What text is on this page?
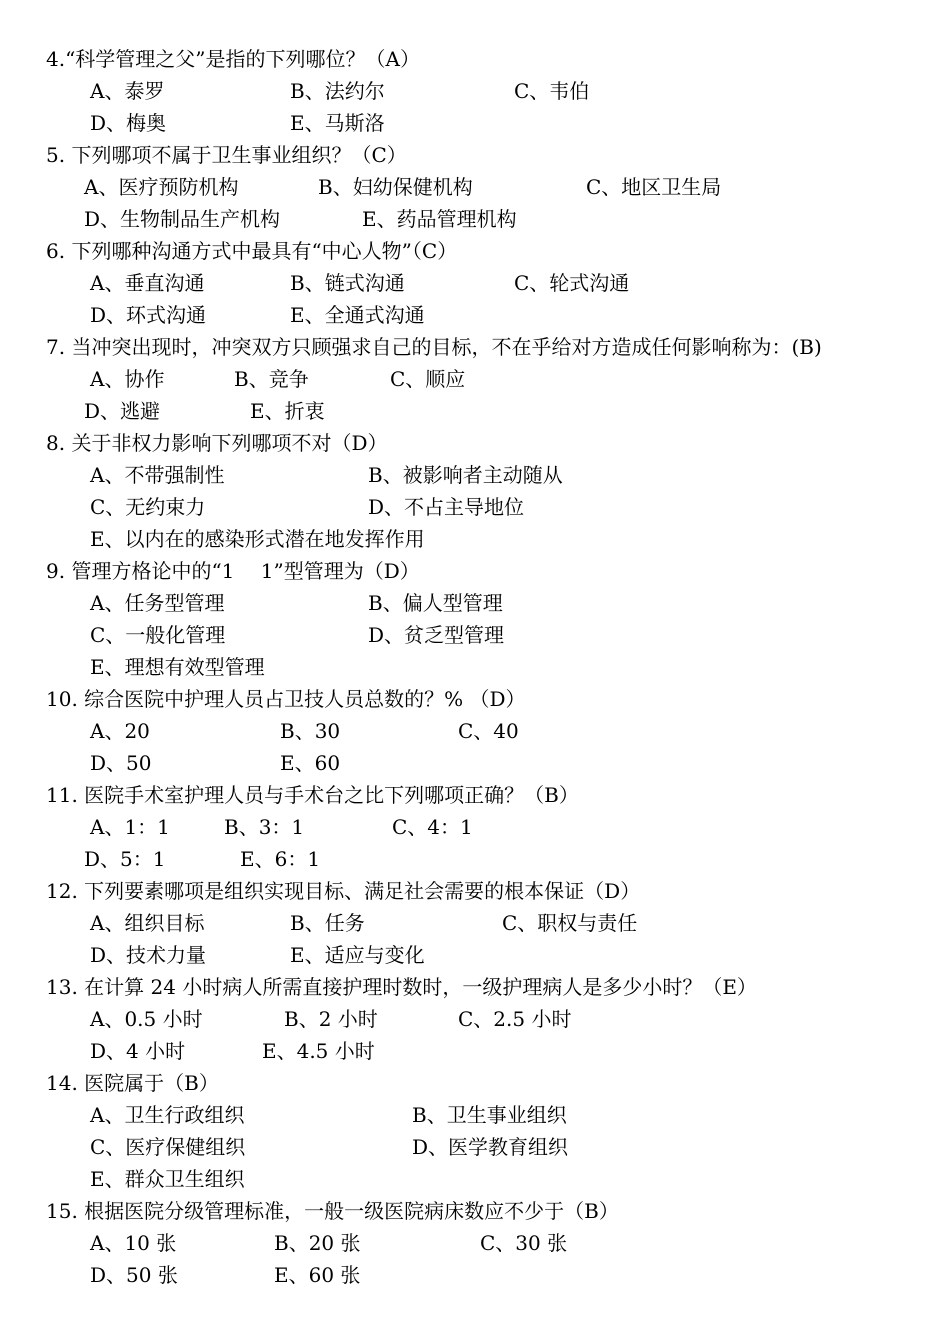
4.“科学管理之父”是指的下列哪位？（A）
A、泰罗	B、法约尔	C、韦伯
D、梅奥	E、马斯洛
5. 下列哪项不属于卫生事业组织？（C）
A、医疗预防机构	B、妇幼保健机构	C、地区卫生局
D、生物制品生产机构	E、药品管理机构
6. 下列哪种沟通方式中最具有“中心人物”（C）
A、垂直沟通	B、链式沟通	C、轮式沟通
D、环式沟通	E、全通式沟通
7. 当冲突出现时，冲突双方只顾强求自己的目标，不在乎给对方造成任何影响称为：(B)
A、协作	B、竞争	C、顺应
D、逃避	E、折衷
8. 关于非权力影响下列哪项不对（D）
A、不带强制性	B、被影响者主动随从
C、无约束力	D、不占主导地位
E、以内在的感染形式潜在地发挥作用
9. 管理方格论中的“1　 1”型管理为（D）
A、任务型管理	B、偏人型管理
C、一般化管理	D、贫乏型管理
E、理想有效型管理
10. 综合医院中护理人员占卫技人员总数的？% （D）
A、20	B、30	C、40
D、50	E、60
11. 医院手术室护理人员与手术台之比下列哪项正确？（B）
A、1：1	B、3：1	C、4：1
D、5：1	E、6：1
12. 下列要素哪项是组织实现目标、满足社会需要的根本保证（D）
A、组织目标	B、任务	C、职权与责任
D、技术力量	E、适应与变化
13. 在计算 24 小时病人所需直接护理时数时，一级护理病人是多少小时？（E）
A、0.5 小时	B、2 小时	C、2.5 小时
D、4 小时	E、4.5 小时
14. 医院属于（B）
A、卫生行政组织	B、卫生事业组织
C、医疗保健组织	D、医学教育组织
E、群众卫生组织
15. 根据医院分级管理标准，一般一级医院病床数应不少于（B）
A、10 张	B、20 张	C、30 张
D、50 张	E、60 张
